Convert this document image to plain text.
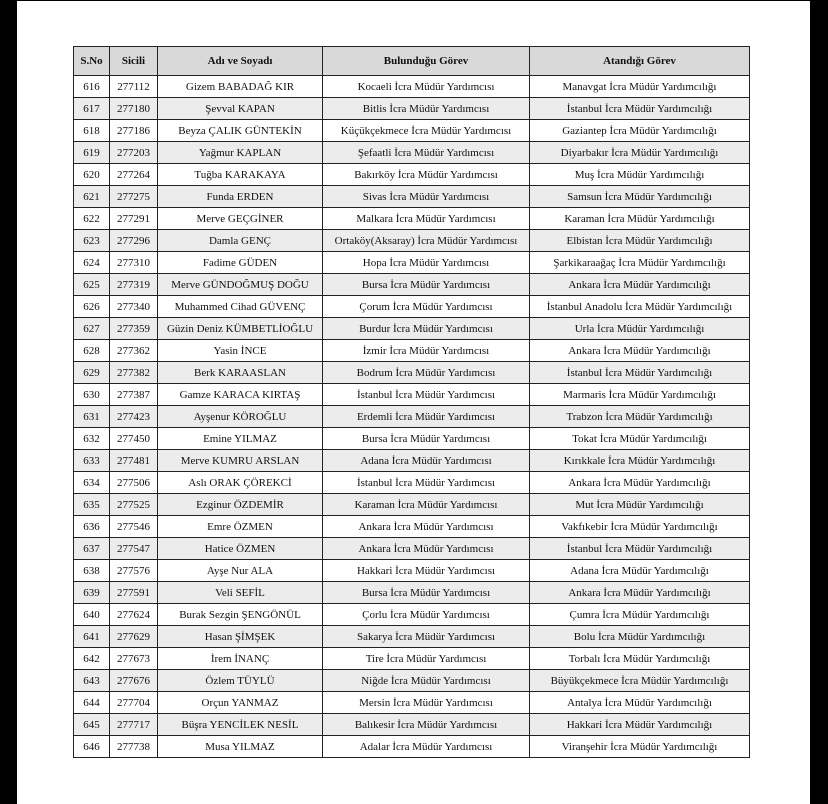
S.No	Sicili	Adı ve Soyadı	Bulunduğu Görev	Atandığı Görev
616	277112	Gizem BABADAĞ KIR	Kocaeli İcra Müdür Yardımcısı	Manavgat İcra Müdür Yardımcılığı
617	277180	Şevval KAPAN	Bitlis İcra Müdür Yardımcısı	İstanbul İcra Müdür Yardımcılığı
618	277186	Beyza ÇALIK GÜNTEKİN	Küçükçekmece İcra Müdür Yardımcısı	Gaziantep İcra Müdür Yardımcılığı
619	277203	Yağmur KAPLAN	Şefaatli İcra Müdür Yardımcısı	Diyarbakır İcra Müdür Yardımcılığı
620	277264	Tuğba KARAKAYA	Bakırköy İcra Müdür Yardımcısı	Muş İcra Müdür Yardımcılığı
621	277275	Funda ERDEN	Sivas İcra Müdür Yardımcısı	Samsun İcra Müdür Yardımcılığı
622	277291	Merve GEÇGİNER	Malkara İcra Müdür Yardımcısı	Karaman İcra Müdür Yardımcılığı
623	277296	Damla GENÇ	Ortaköy(Aksaray) İcra Müdür Yardımcısı	Elbistan İcra Müdür Yardımcılığı
624	277310	Fadime GÜDEN	Hopa İcra Müdür Yardımcısı	Şarkikaraağaç İcra Müdür Yardımcılığı
625	277319	Merve GÜNDOĞMUŞ DOĞU	Bursa İcra Müdür Yardımcısı	Ankara İcra Müdür Yardımcılığı
626	277340	Muhammed Cihad GÜVENÇ	Çorum İcra Müdür Yardımcısı	İstanbul Anadolu İcra Müdür Yardımcılığı
627	277359	Güzin Deniz KÜMBETLİOĞLU	Burdur İcra Müdür Yardımcısı	Urla İcra Müdür Yardımcılığı
628	277362	Yasin İNCE	İzmir İcra Müdür Yardımcısı	Ankara İcra Müdür Yardımcılığı
629	277382	Berk KARAASLAN	Bodrum İcra Müdür Yardımcısı	İstanbul İcra Müdür Yardımcılığı
630	277387	Gamze KARACA KIRTAŞ	İstanbul İcra Müdür Yardımcısı	Marmaris İcra Müdür Yardımcılığı
631	277423	Ayşenur KÖROĞLU	Erdemli İcra Müdür Yardımcısı	Trabzon İcra Müdür Yardımcılığı
632	277450	Emine YILMAZ	Bursa İcra Müdür Yardımcısı	Tokat İcra Müdür Yardımcılığı
633	277481	Merve KUMRU ARSLAN	Adana İcra Müdür Yardımcısı	Kırıkkale İcra Müdür Yardımcılığı
634	277506	Aslı ORAK ÇÖREKCİ	İstanbul İcra Müdür Yardımcısı	Ankara İcra Müdür Yardımcılığı
635	277525	Ezginur ÖZDEMİR	Karaman İcra Müdür Yardımcısı	Mut İcra Müdür Yardımcılığı
636	277546	Emre ÖZMEN	Ankara İcra Müdür Yardımcısı	Vakfıkebir İcra Müdür Yardımcılığı
637	277547	Hatice ÖZMEN	Ankara İcra Müdür Yardımcısı	İstanbul İcra Müdür Yardımcılığı
638	277576	Ayşe Nur ALA	Hakkari İcra Müdür Yardımcısı	Adana İcra Müdür Yardımcılığı
639	277591	Veli SEFİL	Bursa İcra Müdür Yardımcısı	Ankara İcra Müdür Yardımcılığı
640	277624	Burak Sezgin ŞENGÖNÜL	Çorlu İcra Müdür Yardımcısı	Çumra İcra Müdür Yardımcılığı
641	277629	Hasan ŞİMŞEK	Sakarya İcra Müdür Yardımcısı	Bolu İcra Müdür Yardımcılığı
642	277673	İrem İNANÇ	Tire İcra Müdür Yardımcısı	Torbalı İcra Müdür Yardımcılığı
643	277676	Özlem TÜYLÜ	Niğde İcra Müdür Yardımcısı	Büyükçekmece İcra Müdür Yardımcılığı
644	277704	Orçun YANMAZ	Mersin İcra Müdür Yardımcısı	Antalya İcra Müdür Yardımcılığı
645	277717	Büşra YENCİLEK NESİL	Balıkesir İcra Müdür Yardımcısı	Hakkari İcra Müdür Yardımcılığı
646	277738	Musa YILMAZ	Adalar İcra Müdür Yardımcısı	Viranşehir İcra Müdür Yardımcılığı
